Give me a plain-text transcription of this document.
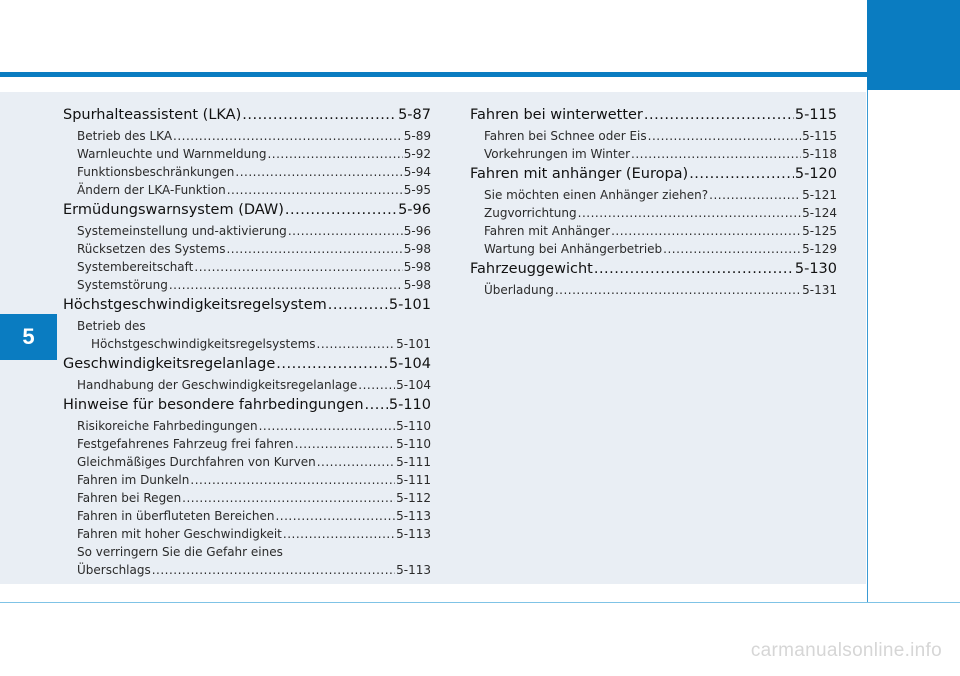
5
Spurhalteassistent (LKA) .....	5-87
Betrieb des LKA .....	5-89
Warnleuchte und Warnmeldung .....	5-92
Funktionsbeschränkungen .....	5-94
Ändern der LKA-Funktion .....	5-95
Ermüdungswarnsystem (DAW) .....	5-96
Systemeinstellung und-aktivierung .....	5-96
Rücksetzen des Systems .....	5-98
Systembereitschaft .....	5-98
Systemstörung .....	5-98
Höchstgeschwindigkeitsregelsystem .....	5-101
Betrieb des
Höchstgeschwindigkeitsregelsystems .....	5-101
Geschwindigkeitsregelanlage .....	5-104
Handhabung der Geschwindigkeitsregelanlage .....	5-104
Hinweise für besondere fahrbedingungen ..... 5-110
Risikoreiche Fahrbedingungen .....	5-110
Festgefahrenes Fahrzeug frei fahren .....	5-110
Gleichmäßiges Durchfahren von Kurven .....	5-111
Fahren im Dunkeln .....	5-111
Fahren bei Regen .....	5-112
Fahren in überfluteten Bereichen .....	5-113
Fahren mit hoher Geschwindigkeit .....	5-113
So verringern Sie die Gefahr eines
Überschlags .....	5-113
Fahren bei winterwetter .....	5-115
Fahren bei Schnee oder Eis .....	5-115
Vorkehrungen im Winter .....	5-118
Fahren mit anhänger (Europa) .....	5-120
Sie möchten einen Anhänger ziehen? .....	5-121
Zugvorrichtung .....	5-124
Fahren mit Anhänger .....	5-125
Wartung bei Anhängerbetrieb .....	5-129
Fahrzeuggewicht .....	5-130
Überladung .....	5-131
carmanualsonline.info
